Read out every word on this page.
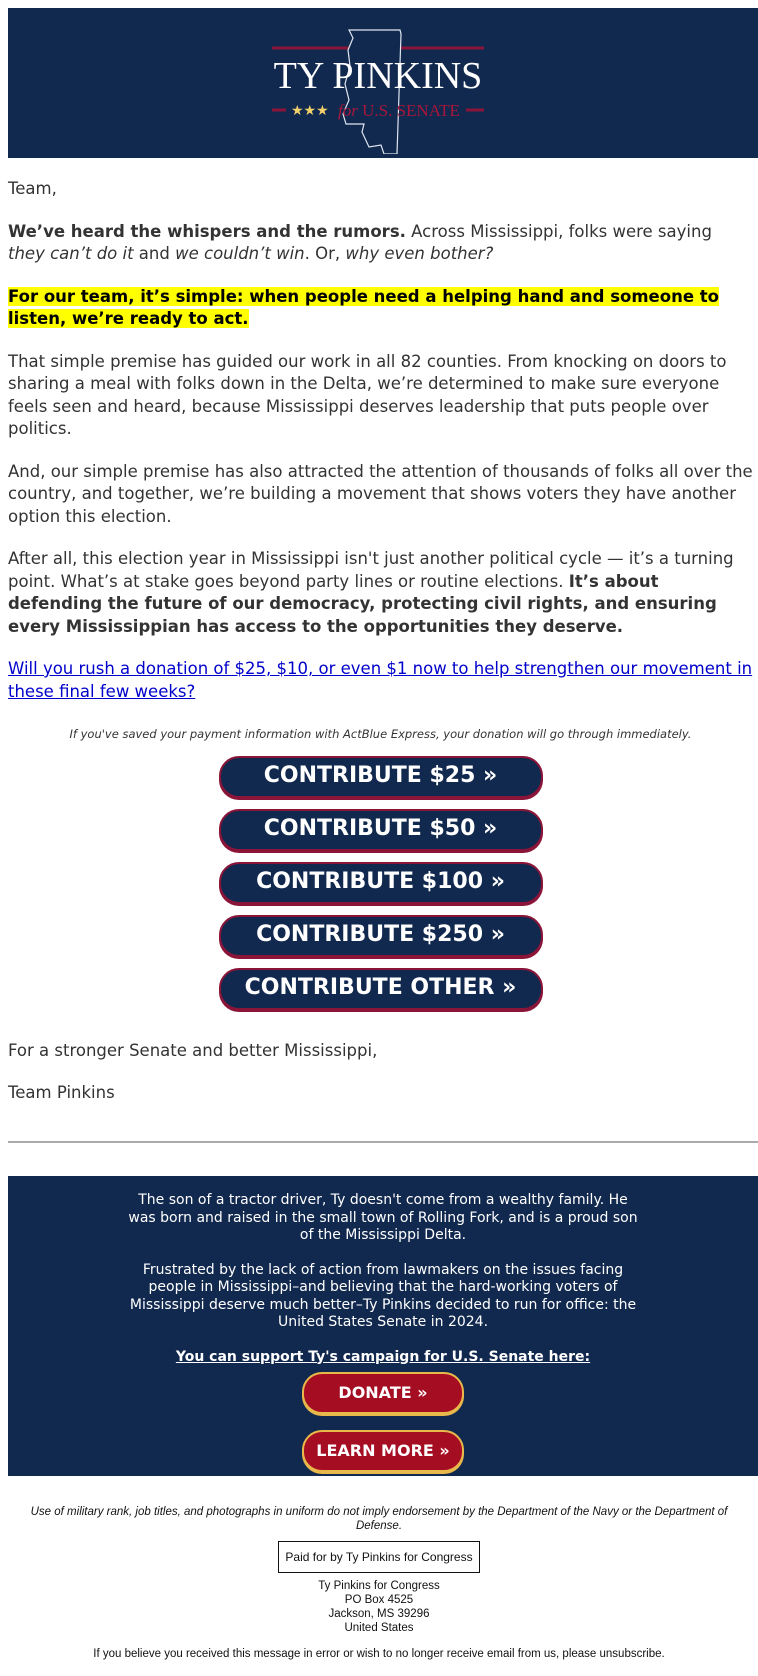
TY PINKINS
★★★ for U.S. SENATE

Team,

We’ve heard the whispers and the rumors. Across Mississippi, folks were saying they can’t do it and we couldn’t win. Or, why even bother?

For our team, it’s simple: when people need a helping hand and someone to listen, we’re ready to act.

That simple premise has guided our work in all 82 counties. From knocking on doors to sharing a meal with folks down in the Delta, we’re determined to make sure everyone feels seen and heard, because Mississippi deserves leadership that puts people over politics.

And, our simple premise has also attracted the attention of thousands of folks all over the country, and together, we’re building a movement that shows voters they have another option this election.

After all, this election year in Mississippi isn't just another political cycle — it’s a turning point. What’s at stake goes beyond party lines or routine elections. It’s about defending the future of our democracy, protecting civil rights, and ensuring every Mississippian has access to the opportunities they deserve.

Will you rush a donation of $25, $10, or even $1 now to help strengthen our movement in these final few weeks?

If you've saved your payment information with ActBlue Express, your donation will go through immediately.

CONTRIBUTE $25 »
CONTRIBUTE $50 »
CONTRIBUTE $100 »
CONTRIBUTE $250 »
CONTRIBUTE OTHER »

For a stronger Senate and better Mississippi,

Team Pinkins

The son of a tractor driver, Ty doesn't come from a wealthy family. He was born and raised in the small town of Rolling Fork, and is a proud son of the Mississippi Delta.

Frustrated by the lack of action from lawmakers on the issues facing people in Mississippi–and believing that the hard-working voters of Mississippi deserve much better–Ty Pinkins decided to run for office: the United States Senate in 2024.

You can support Ty's campaign for U.S. Senate here:

DONATE »
LEARN MORE »
Use of military rank, job titles, and photographs in uniform do not imply endorsement by the Department of the Navy or the Department of Defense.
Paid for by Ty Pinkins for Congress
Ty Pinkins for Congress
PO Box 4525
Jackson, MS 39296
United States
If you believe you received this message in error or wish to no longer receive email from us, please unsubscribe.
